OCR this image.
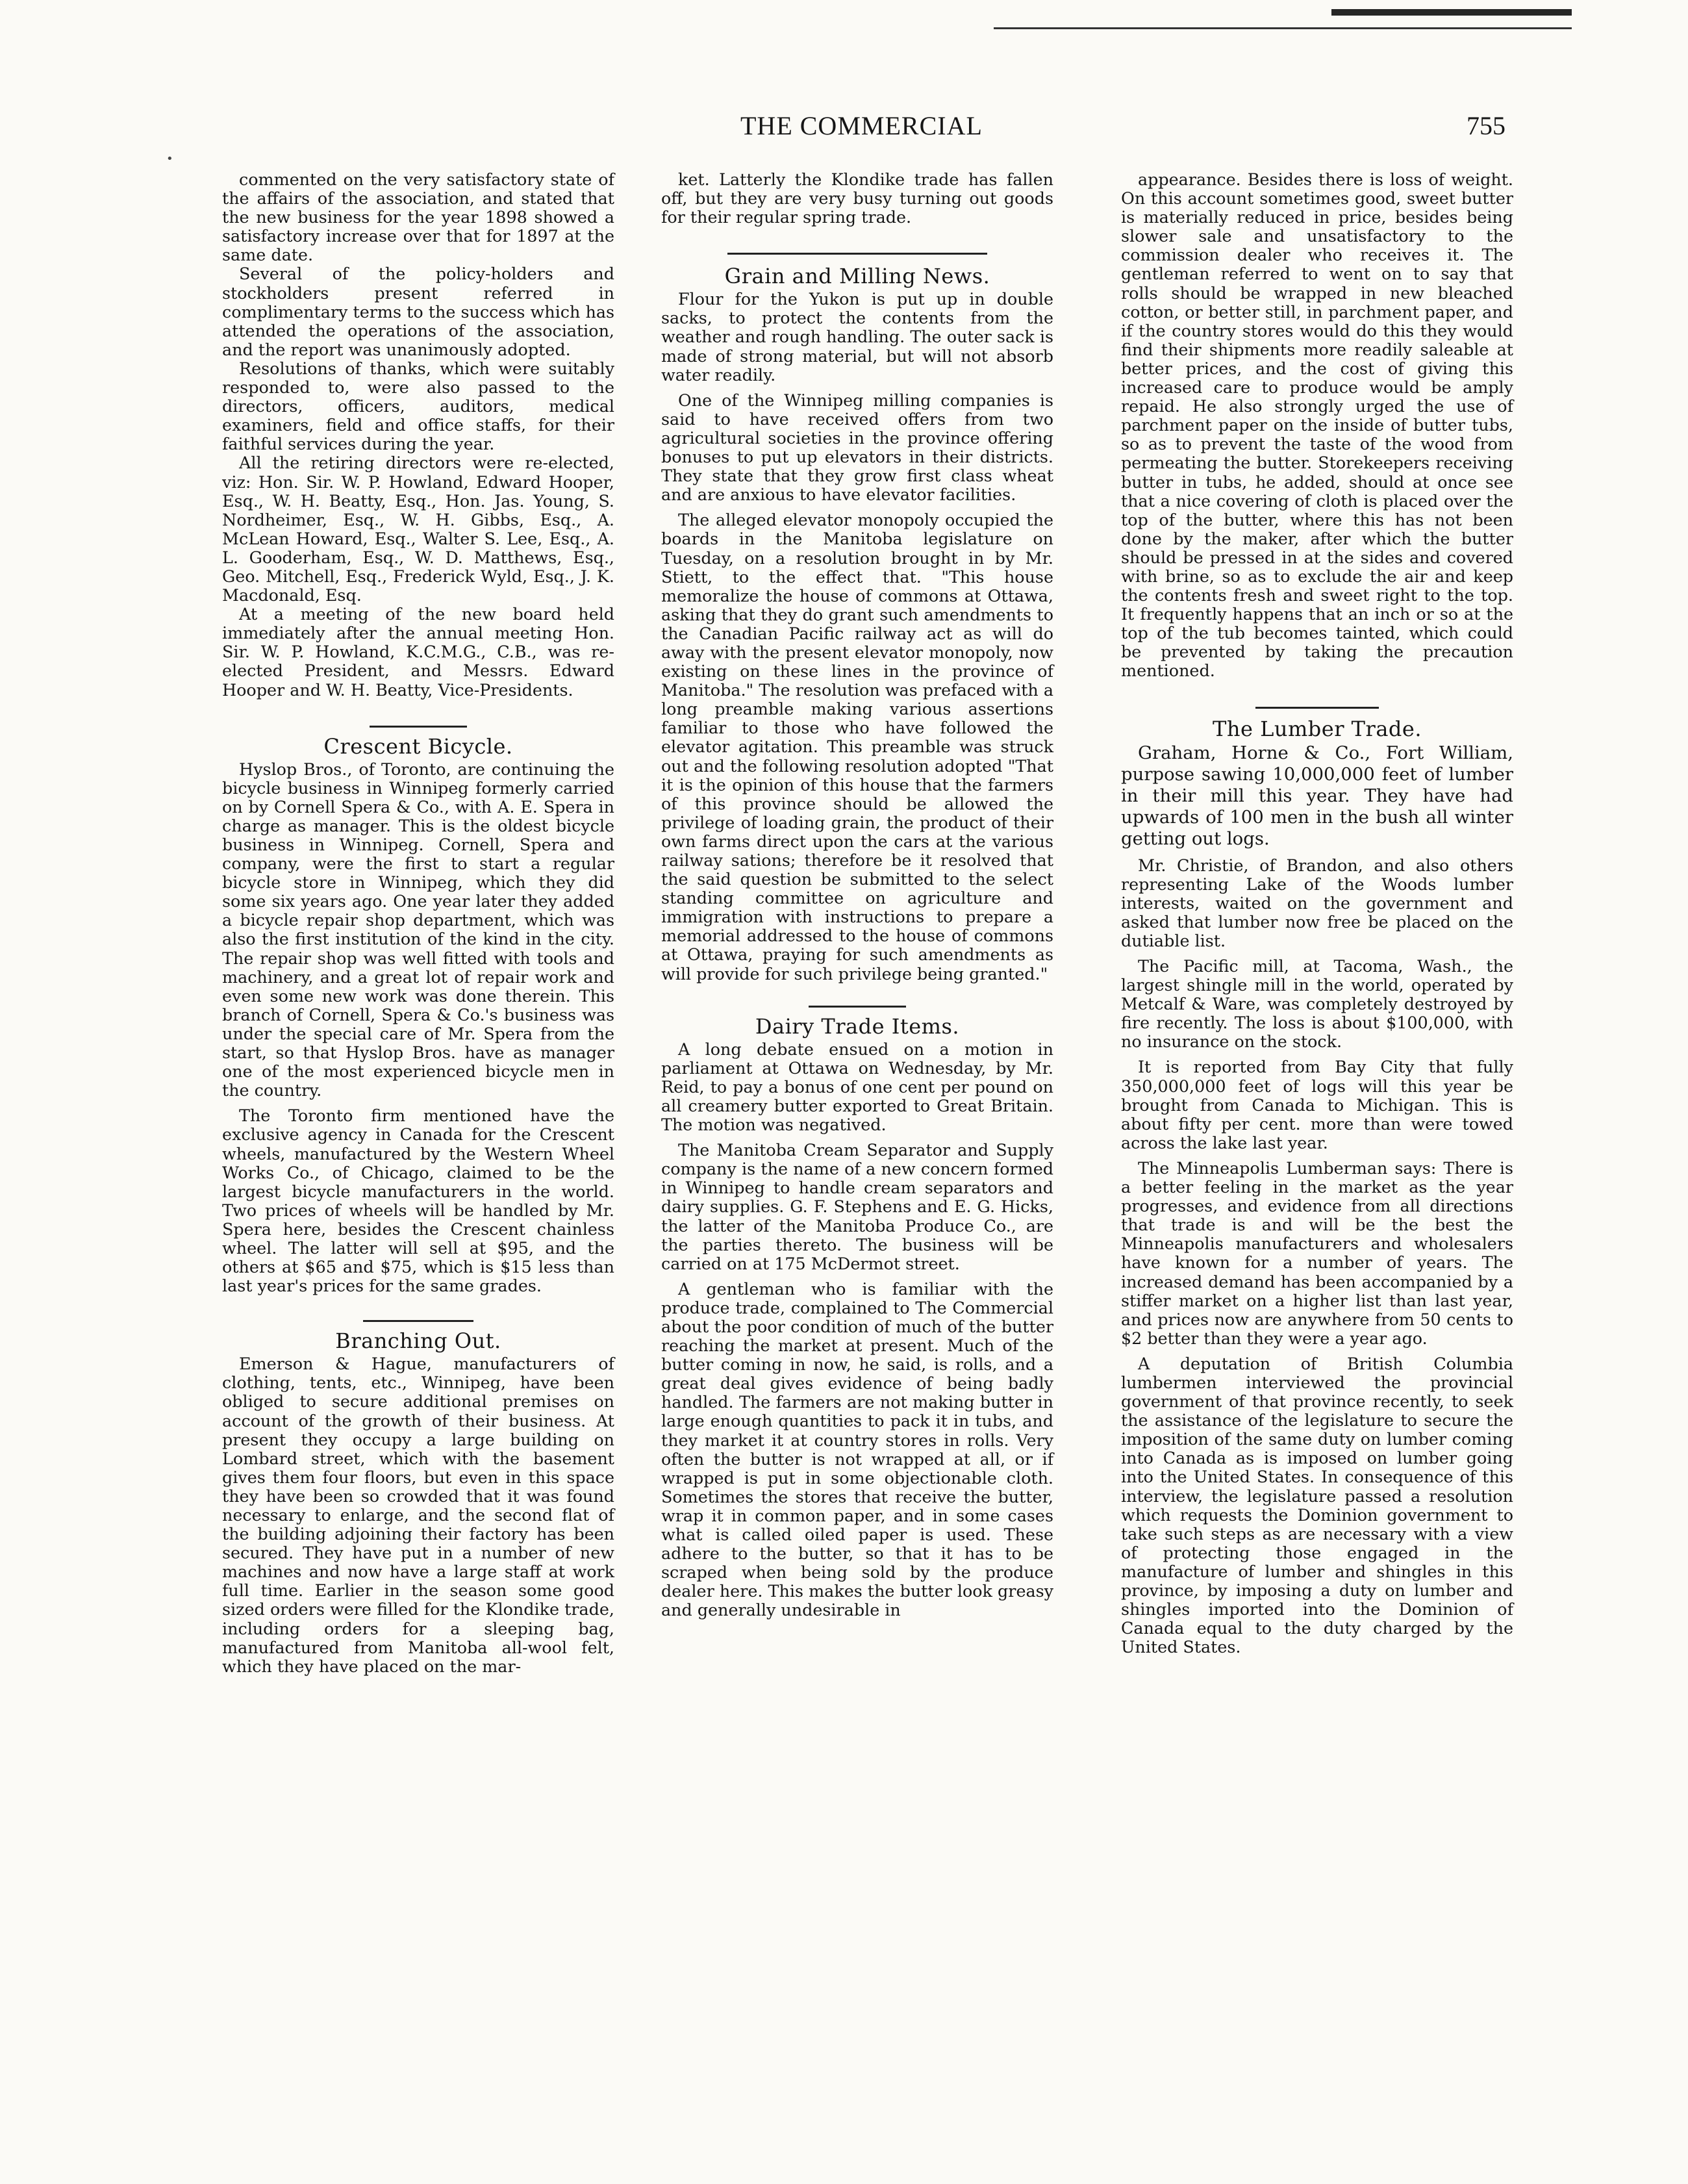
THE COMMERCIAL	755
•

commented on the very satisfactory state of the affairs of the association, and stated that the new business for the year 1898 showed a satisfactory increase over that for 1897 at the same date.

Several of the policy-holders and stockholders present referred in complimentary terms to the success which has attended the operations of the association, and the report was unanimously adopted.

Resolutions of thanks, which were suitably responded to, were also passed to the directors, officers, auditors, medical examiners, field and office staffs, for their faithful services during the year.

All the retiring directors were re-elected, viz: Hon. Sir. W. P. Howland, Edward Hooper, Esq., W. H. Beatty, Esq., Hon. Jas. Young, S. Nordheimer, Esq., W. H. Gibbs, Esq., A. McLean Howard, Esq., Walter S. Lee, Esq., A. L. Gooderham, Esq., W. D. Matthews, Esq., Geo. Mitchell, Esq., Frederick Wyld, Esq., J. K. Macdonald, Esq.

At a meeting of the new board held immediately after the annual meeting Hon. Sir. W. P. Howland, K.C.M.G., C.B., was re-elected President, and Messrs. Edward Hooper and W. H. Beatty, Vice-Presidents.

Crescent Bicycle.

Hyslop Bros., of Toronto, are continuing the bicycle business in Winnipeg formerly carried on by Cornell Spera & Co., with A. E. Spera in charge as manager. This is the oldest bicycle business in Winnipeg. Cornell, Spera and company, were the first to start a regular bicycle store in Winnipeg, which they did some six years ago. One year later they added a bicycle repair shop department, which was also the first institution of the kind in the city. The repair shop was well fitted with tools and machinery, and a great lot of repair work and even some new work was done therein. This branch of Cornell, Spera & Co.'s business was under the special care of Mr. Spera from the start, so that Hyslop Bros. have as manager one of the most experienced bicycle men in the country.

The Toronto firm mentioned have the exclusive agency in Canada for the Crescent wheels, manufactured by the Western Wheel Works Co., of Chicago, claimed to be the largest bicycle manufacturers in the world. Two prices of wheels will be handled by Mr. Spera here, besides the Crescent chainless wheel. The latter will sell at $95, and the others at $65 and $75, which is $15 less than last year's prices for the same grades.

Branching Out.

Emerson & Hague, manufacturers of clothing, tents, etc., Winnipeg, have been obliged to secure additional premises on account of the growth of their business. At present they occupy a large building on Lombard street, which with the basement gives them four floors, but even in this space they have been so crowded that it was found necessary to enlarge, and the second flat of the building adjoining their factory has been secured. They have put in a number of new machines and now have a large staff at work full time. Earlier in the season some good sized orders were filled for the Klondike trade, including orders for a sleeping bag, manufactured from Manitoba all-wool felt, which they have placed on the mar-

ket. Latterly the Klondike trade has fallen off, but they are very busy turning out goods for their regular spring trade.

Grain and Milling News.

Flour for the Yukon is put up in double sacks, to protect the contents from the weather and rough handling. The outer sack is made of strong material, but will not absorb water readily.

One of the Winnipeg milling companies is said to have received offers from two agricultural societies in the province offering bonuses to put up elevators in their districts. They state that they grow first class wheat and are anxious to have elevator facilities.

The alleged elevator monopoly occupied the boards in the Manitoba legislature on Tuesday, on a resolution brought in by Mr. Stiett, to the effect that. "This house memoralize the house of commons at Ottawa, asking that they do grant such amendments to the Canadian Pacific railway act as will do away with the present elevator monopoly, now existing on these lines in the province of Manitoba." The resolution was prefaced with a long preamble making various assertions familiar to those who have followed the elevator agitation. This preamble was struck out and the following resolution adopted "That it is the opinion of this house that the farmers of this province should be allowed the privilege of loading grain, the product of their own farms direct upon the cars at the various railway sations; therefore be it resolved that the said question be submitted to the select standing committee on agriculture and immigration with instructions to prepare a memorial addressed to the house of commons at Ottawa, praying for such amendments as will provide for such privilege being granted."

Dairy Trade Items.

A long debate ensued on a motion in parliament at Ottawa on Wednesday, by Mr. Reid, to pay a bonus of one cent per pound on all creamery butter exported to Great Britain. The motion was negatived.

The Manitoba Cream Separator and Supply company is the name of a new concern formed in Winnipeg to handle cream separators and dairy supplies. G. F. Stephens and E. G. Hicks, the latter of the Manitoba Produce Co., are the parties thereto. The business will be carried on at 175 McDermot street.

A gentleman who is familiar with the produce trade, complained to The Commercial about the poor condition of much of the butter reaching the market at present. Much of the butter coming in now, he said, is rolls, and a great deal gives evidence of being badly handled. The farmers are not making butter in large enough quantities to pack it in tubs, and they market it at country stores in rolls. Very often the butter is not wrapped at all, or if wrapped is put in some objectionable cloth. Sometimes the stores that receive the butter, wrap it in common paper, and in some cases what is called oiled paper is used. These adhere to the butter, so that it has to be scraped when being sold by the produce dealer here. This makes the butter look greasy and generally undesirable in

appearance. Besides there is loss of weight. On this account sometimes good, sweet butter is materially reduced in price, besides being slower sale and unsatisfactory to the commission dealer who receives it. The gentleman referred to went on to say that rolls should be wrapped in new bleached cotton, or better still, in parchment paper, and if the country stores would do this they would find their shipments more readily saleable at better prices, and the cost of giving this increased care to produce would be amply repaid. He also strongly urged the use of parchment paper on the inside of butter tubs, so as to prevent the taste of the wood from permeating the butter. Storekeepers receiving butter in tubs, he added, should at once see that a nice covering of cloth is placed over the top of the butter, where this has not been done by the maker, after which the butter should be pressed in at the sides and covered with brine, so as to exclude the air and keep the contents fresh and sweet right to the top. It frequently happens that an inch or so at the top of the tub becomes tainted, which could be prevented by taking the precaution mentioned.

The Lumber Trade.

Graham, Horne & Co., Fort William, purpose sawing 10,000,000 feet of lumber in their mill this year. They have had upwards of 100 men in the bush all winter getting out logs.

Mr. Christie, of Brandon, and also others representing Lake of the Woods lumber interests, waited on the government and asked that lumber now free be placed on the dutiable list.

The Pacific mill, at Tacoma, Wash., the largest shingle mill in the world, operated by Metcalf & Ware, was completely destroyed by fire recently. The loss is about $100,000, with no insurance on the stock.

It is reported from Bay City that fully 350,000,000 feet of logs will this year be brought from Canada to Michigan. This is about fifty per cent. more than were towed across the lake last year.

The Minneapolis Lumberman says: There is a better feeling in the market as the year progresses, and evidence from all directions that trade is and will be the best the Minneapolis manufacturers and wholesalers have known for a number of years. The increased demand has been accompanied by a stiffer market on a higher list than last year, and prices now are anywhere from 50 cents to $2 better than they were a year ago.

A deputation of British Columbia lumbermen interviewed the provincial government of that province recently, to seek the assistance of the legislature to secure the imposition of the same duty on lumber coming into Canada as is imposed on lumber going into the United States. In consequence of this interview, the legislature passed a resolution which requests the Dominion government to take such steps as are necessary with a view of protecting those engaged in the manufacture of lumber and shingles in this province, by imposing a duty on lumber and shingles imported into the Dominion of Canada equal to the duty charged by the United States.
